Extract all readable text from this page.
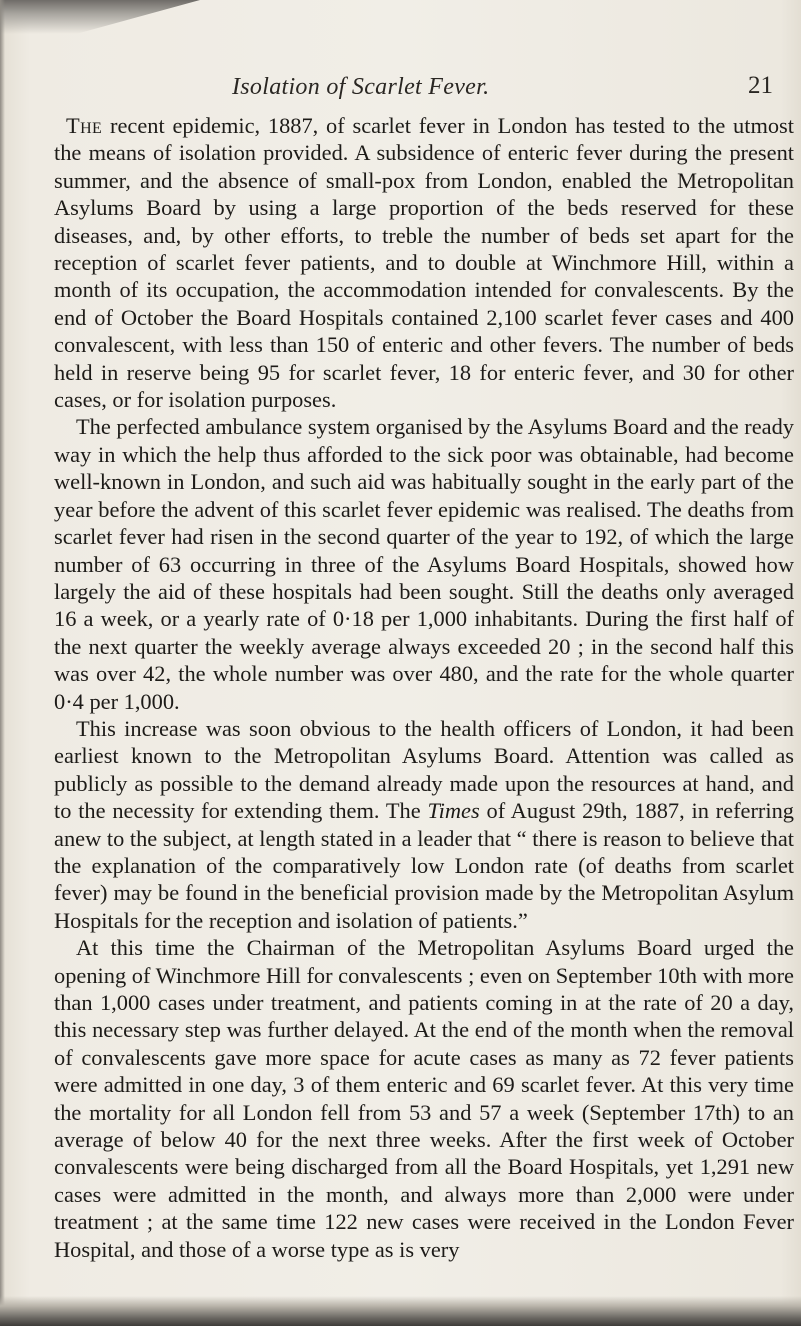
Isolation of Scarlet Fever.	21

The recent epidemic, 1887, of scarlet fever in London has tested to the utmost the means of isolation provided. A subsidence of enteric fever during the present summer, and the absence of small-pox from London, enabled the Metropolitan Asylums Board by using a large proportion of the beds reserved for these diseases, and, by other efforts, to treble the number of beds set apart for the reception of scarlet fever patients, and to double at Winchmore Hill, within a month of its occupation, the accommodation intended for convalescents. By the end of October the Board Hospitals contained 2,100 scarlet fever cases and 400 convalescent, with less than 150 of enteric and other fevers. The number of beds held in reserve being 95 for scarlet fever, 18 for enteric fever, and 30 for other cases, or for isolation purposes.

The perfected ambulance system organised by the Asylums Board and the ready way in which the help thus afforded to the sick poor was obtainable, had become well-known in London, and such aid was habitually sought in the early part of the year before the advent of this scarlet fever epidemic was realised. The deaths from scarlet fever had risen in the second quarter of the year to 192, of which the large number of 63 occurring in three of the Asylums Board Hospitals, showed how largely the aid of these hospitals had been sought. Still the deaths only averaged 16 a week, or a yearly rate of 0·18 per 1,000 inhabitants. During the first half of the next quarter the weekly average always exceeded 20 ; in the second half this was over 42, the whole number was over 480, and the rate for the whole quarter 0·4 per 1,000.

This increase was soon obvious to the health officers of London, it had been earliest known to the Metropolitan Asylums Board. Attention was called as publicly as possible to the demand already made upon the resources at hand, and to the necessity for extending them. The Times of August 29th, 1887, in referring anew to the subject, at length stated in a leader that “ there is reason to believe that the explanation of the comparatively low London rate (of deaths from scarlet fever) may be found in the beneficial provision made by the Metropolitan Asylum Hospitals for the reception and isolation of patients.”

At this time the Chairman of the Metropolitan Asylums Board urged the opening of Winchmore Hill for convalescents ; even on September 10th with more than 1,000 cases under treatment, and patients coming in at the rate of 20 a day, this necessary step was further delayed. At the end of the month when the removal of convalescents gave more space for acute cases as many as 72 fever patients were admitted in one day, 3 of them enteric and 69 scarlet fever. At this very time the mortality for all London fell from 53 and 57 a week (September 17th) to an average of below 40 for the next three weeks. After the first week of October convalescents were being discharged from all the Board Hospitals, yet 1,291 new cases were admitted in the month, and always more than 2,000 were under treatment ; at the same time 122 new cases were received in the London Fever Hospital, and those of a worse type as is very
